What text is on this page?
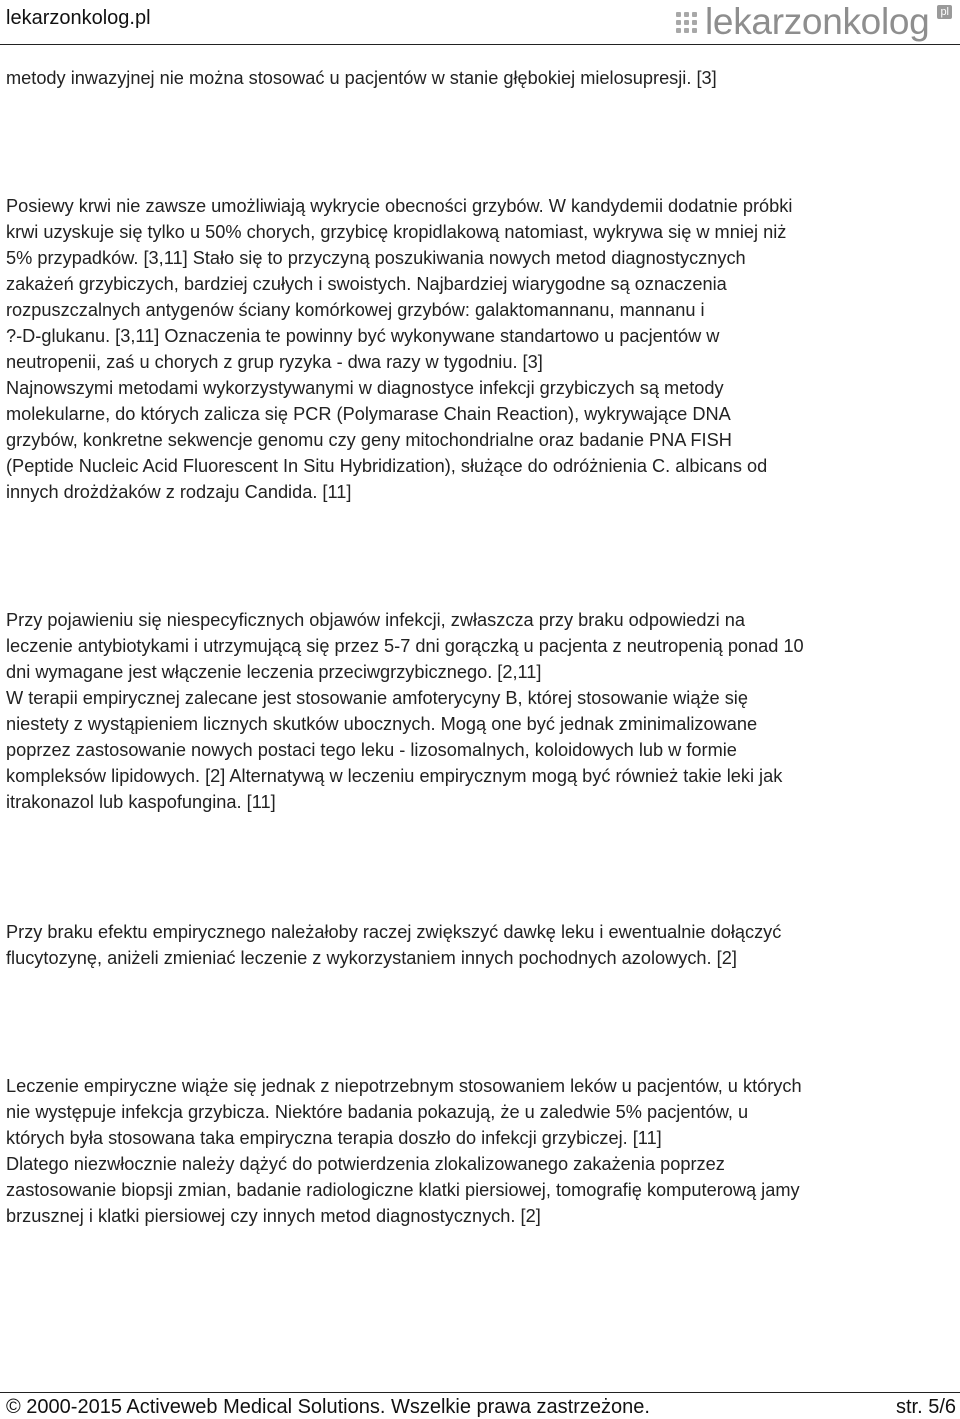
lekarzonkolog.pl	lekarzonkolog pl

metody inwazyjnej nie można stosować u pacjentów w stanie głębokiej mielosupresji. [3]

Posiewy krwi nie zawsze umożliwiają wykrycie obecności grzybów. W kandydemii dodatnie próbki
krwi uzyskuje się tylko u 50% chorych, grzybicę kropidlakową natomiast, wykrywa się w mniej niż
5% przypadków. [3,11] Stało się to przyczyną poszukiwania nowych metod diagnostycznych
zakażeń grzybiczych, bardziej czułych i swoistych. Najbardziej wiarygodne są oznaczenia
rozpuszczalnych antygenów ściany komórkowej grzybów: galaktomannanu, mannanu i
?-D-glukanu. [3,11] Oznaczenia te powinny być wykonywane standartowo u pacjentów w
neutropenii, zaś u chorych z grup ryzyka - dwa razy w tygodniu. [3]
Najnowszymi metodami wykorzystywanymi w diagnostyce infekcji grzybiczych są metody
molekularne, do których zalicza się PCR (Polymarase Chain Reaction), wykrywające DNA
grzybów, konkretne sekwencje genomu czy geny mitochondrialne oraz badanie PNA FISH
(Peptide Nucleic Acid Fluorescent In Situ Hybridization), służące do odróżnienia C. albicans od
innych drożdżaków z rodzaju Candida. [11]

Przy pojawieniu się niespecyficznych objawów infekcji, zwłaszcza przy braku odpowiedzi na
leczenie antybiotykami i utrzymującą się przez 5-7 dni gorączką u pacjenta z neutropenią ponad 10
dni wymagane jest włączenie leczenia przeciwgrzybicznego. [2,11]
W terapii empirycznej zalecane jest stosowanie amfoterycyny B, której stosowanie wiąże się
niestety z wystąpieniem licznych skutków ubocznych. Mogą one być jednak zminimalizowane
poprzez zastosowanie nowych postaci tego leku - lizosomalnych, koloidowych lub w formie
kompleksów lipidowych. [2] Alternatywą w leczeniu empirycznym mogą być również takie leki jak
itrakonazol lub kaspofungina. [11]

Przy braku efektu empirycznego należałoby raczej zwiększyć dawkę leku i ewentualnie dołączyć
flucytozynę, aniżeli zmieniać leczenie z wykorzystaniem innych pochodnych azolowych. [2]

Leczenie empiryczne wiąże się jednak z niepotrzebnym stosowaniem leków u pacjentów, u których
nie występuje infekcja grzybicza. Niektóre badania pokazują, że u zaledwie 5% pacjentów, u
których była stosowana taka empiryczna terapia doszło do infekcji grzybiczej. [11]
Dlatego niezwłocznie należy dążyć do potwierdzenia zlokalizowanego zakażenia poprzez
zastosowanie biopsji zmian, badanie radiologiczne klatki piersiowej, tomografię komputerową jamy
brzusznej i klatki piersiowej czy innych metod diagnostycznych. [2]

© 2000-2015 Activeweb Medical Solutions. Wszelkie prawa zastrzeżone.	str. 5/6
